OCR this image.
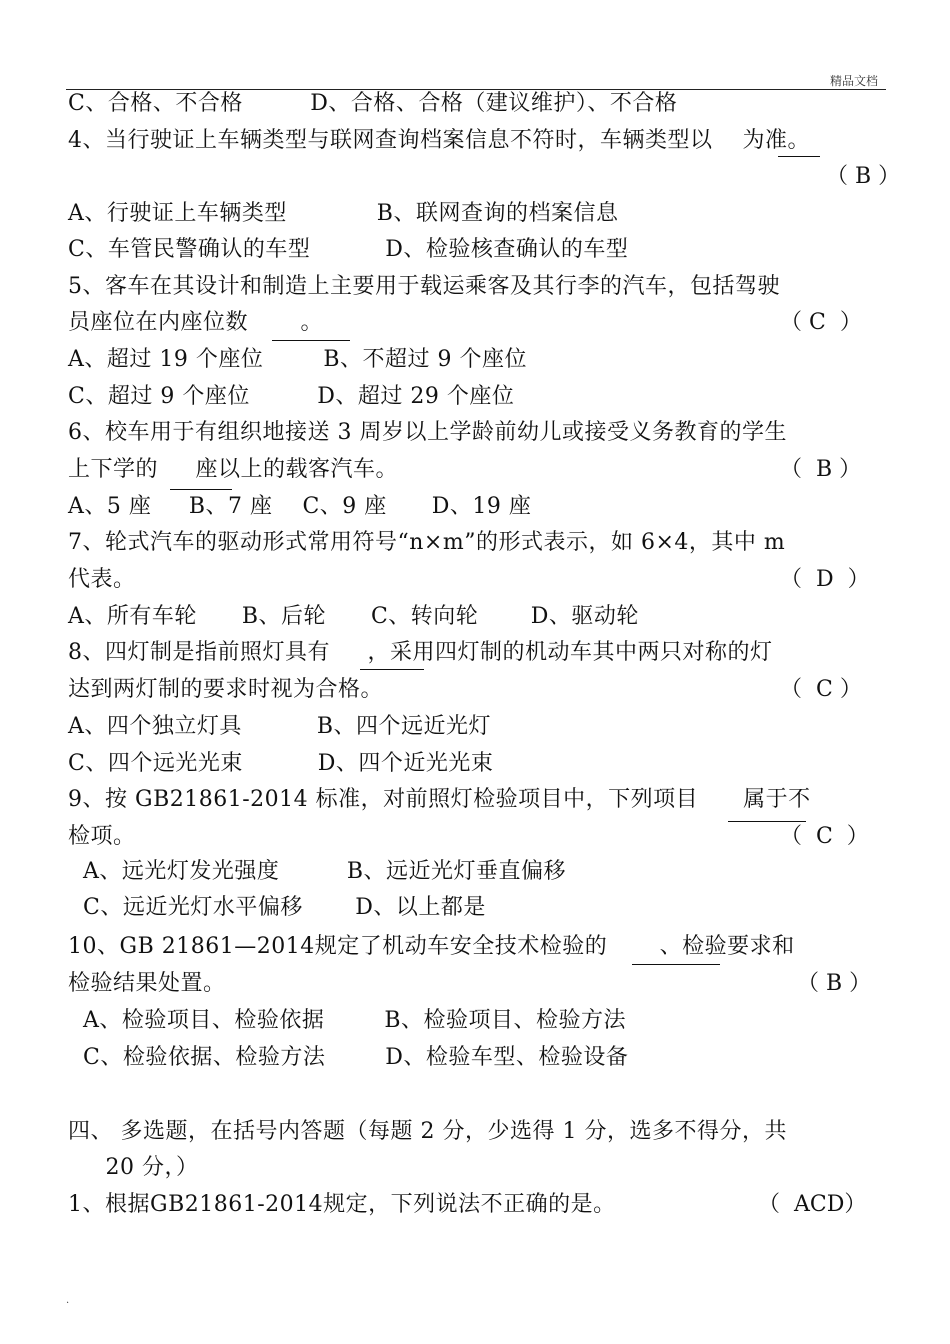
精品文档
C、合格、不合格         D、合格、合格（建议维护）、不合格
4、当行驶证上车辆类型与联网查询档案信息不符时，车辆类型以    为准。
A、行驶证上车辆类型            B、联网查询的档案信息
C、车管民警确认的车型          D、检验核查确认的车型
5、客车在其设计和制造上主要用于载运乘客及其行李的汽车，包括驾驶
员座位在内座位数       。
A、超过 19 个座位        B、不超过 9 个座位
C、超过 9 个座位         D、超过 29 个座位
6、校车用于有组织地接送 3 周岁以上学龄前幼儿或接受义务教育的学生
上下学的     座以上的载客汽车。
A、5 座     B、7 座    C、9 座      D、19 座
7、轮式汽车的驱动形式常用符号“n×m”的形式表示，如 6×4，其中 m
代表。
A、所有车轮      B、后轮      C、转向轮       D、驱动轮
8、四灯制是指前照灯具有     ，采用四灯制的机动车其中两只对称的灯
达到两灯制的要求时视为合格。
A、四个独立灯具          B、四个远近光灯
C、四个远光光束          D、四个近光光束
9、按 GB21861-2014 标准，对前照灯检验项目中，下列项目      属于不
检项。
A、远光灯发光强度         B、远近光灯垂直偏移
C、远近光灯水平偏移       D、以上都是
10、GB 21861—2014规定了机动车安全技术检验的       、检验要求和
检验结果处置。
A、检验项目、检验依据        B、检验项目、检验方法
C、检验依据、检验方法        D、检验车型、检验设备
四、 多选题，在括号内答题（每题 2 分，少选得 1 分，选多不得分，共
20 分，）
1、根据GB21861-2014规定，下列说法不正确的是。
（ B ）
（ C  ）
（  B ）
（  D  ）
（  C ）
（  C  ）
（ B ）
（  ACD）
.
